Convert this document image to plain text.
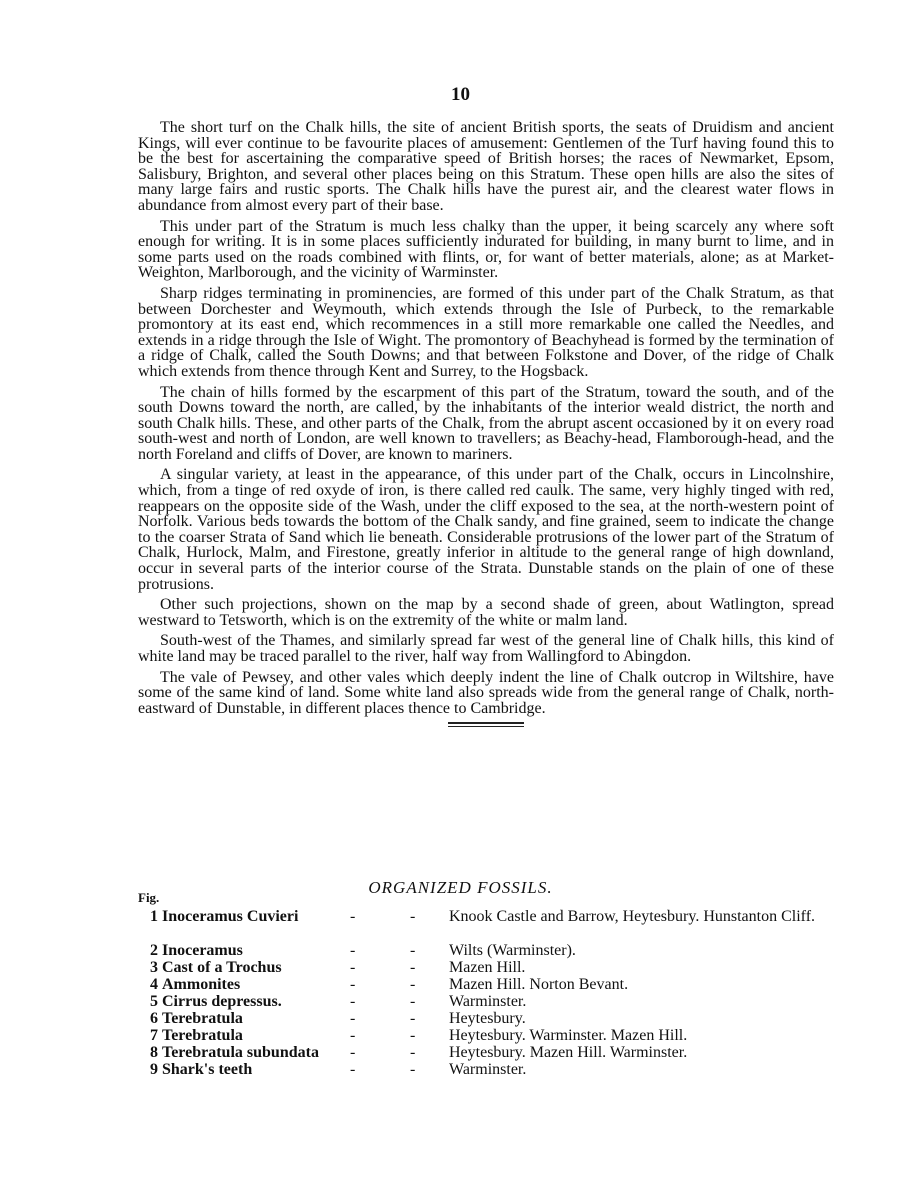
10

The short turf on the Chalk hills, the site of ancient British sports, the seats of Druidism and ancient Kings, will ever continue to be favourite places of amusement: Gentlemen of the Turf having found this to be the best for ascertaining the comparative speed of British horses; the races of Newmarket, Epsom, Salisbury, Brighton, and several other places being on this Stratum. These open hills are also the sites of many large fairs and rustic sports. The Chalk hills have the purest air, and the clearest water flows in abundance from almost every part of their base.

This under part of the Stratum is much less chalky than the upper, it being scarcely any where soft enough for writing. It is in some places sufficiently indurated for building, in many burnt to lime, and in some parts used on the roads combined with flints, or, for want of better materials, alone; as at Market-Weighton, Marlborough, and the vicinity of Warminster.

Sharp ridges terminating in prominencies, are formed of this under part of the Chalk Stratum, as that between Dorchester and Weymouth, which extends through the Isle of Purbeck, to the remarkable promontory at its east end, which recommences in a still more remarkable one called the Needles, and extends in a ridge through the Isle of Wight. The promontory of Beachyhead is formed by the termination of a ridge of Chalk, called the South Downs; and that between Folkstone and Dover, of the ridge of Chalk which extends from thence through Kent and Surrey, to the Hogsback.

The chain of hills formed by the escarpment of this part of the Stratum, toward the south, and of the south Downs toward the north, are called, by the inhabitants of the interior weald district, the north and south Chalk hills. These, and other parts of the Chalk, from the abrupt ascent occasioned by it on every road south-west and north of London, are well known to travellers; as Beachy-head, Flamborough-head, and the north Foreland and cliffs of Dover, are known to mariners.

A singular variety, at least in the appearance, of this under part of the Chalk, occurs in Lincolnshire, which, from a tinge of red oxyde of iron, is there called red caulk. The same, very highly tinged with red, reappears on the opposite side of the Wash, under the cliff exposed to the sea, at the north-western point of Norfolk. Various beds towards the bottom of the Chalk sandy, and fine grained, seem to indicate the change to the coarser Strata of Sand which lie beneath. Considerable protrusions of the lower part of the Stratum of Chalk, Hurlock, Malm, and Firestone, greatly inferior in altitude to the general range of high downland, occur in several parts of the interior course of the Strata. Dunstable stands on the plain of one of these protrusions.

Other such projections, shown on the map by a second shade of green, about Watlington, spread westward to Tetsworth, which is on the extremity of the white or malm land.

South-west of the Thames, and similarly spread far west of the general line of Chalk hills, this kind of white land may be traced parallel to the river, half way from Wallingford to Abingdon.

The vale of Pewsey, and other vales which deeply indent the line of Chalk outcrop in Wiltshire, have some of the same kind of land. Some white land also spreads wide from the general range of Chalk, north-eastward of Dunstable, in different places thence to Cambridge.

ORGANIZED FOSSILS.
Fig.
1 Inoceramus Cuvieri	-	- Knook Castle and Barrow, Heytesbury. Hunstanton Cliff.
2 Inoceramus	-	- Wilts (Warminster).
3 Cast of a Trochus	-	- Mazen Hill.
4 Ammonites	-	- Mazen Hill. Norton Bevant.
5 Cirrus depressus.	-	- Warminster.
6 Terebratula	-	- Heytesbury.
7 Terebratula	-	- Heytesbury. Warminster. Mazen Hill.
8 Terebratula subundata -	- Heytesbury. Mazen Hill. Warminster.
9 Shark's teeth	-	- Warminster.
